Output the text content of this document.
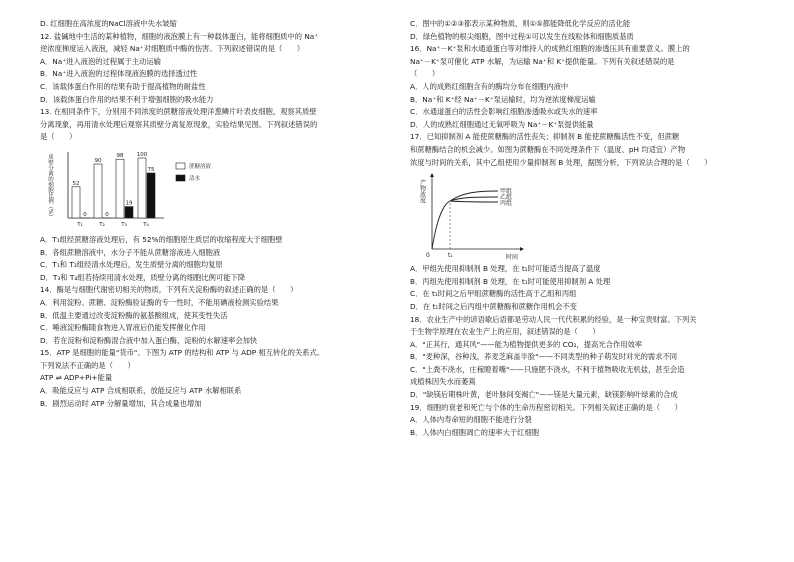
D. 红细胞在高浓度的NaCl溶液中失水皱缩
12. 盐碱地中生活的某种植物，细胞的液泡膜上有一种载体蛋白，能将细胞质中的 Na⁺
逆浓度梯度运入液泡，减轻 Na⁺对细胞质中酶的伤害。下列叙述错误的是（　　）
A．Na⁺进入液泡的过程属于主动运输
B．Na⁺进入液泡的过程体现液泡膜的选择透过性
C．该载体蛋白作用的结果有助于提高植物的耐盐性
D．该载体蛋白作用的结果不利于增强细胞的吸水能力
13. 在相同条件下，分别用不同浓度的蔗糖溶液处理洋葱鳞片叶表皮细胞，观察其质壁
分离现象，再用清水处理后观察其质壁分离复原现象，实验结果见图。下列叙述错误的
是（　　）
质壁分离的细胞比例（%）	52
0
T₁
90
0
T₂
98
19
T₃
100
75
T₄
蔗糖溶液
清水
A．T₁组经蔗糖溶液处理后，有 52%的细胞原生质层的收缩程度大于细胞壁
B．各组蔗糖溶液中，水分子不能从蔗糖溶液进入细胞液
C．T₁和 T₂组经清水处理后，发生质壁分离的细胞均复原
D．T₃和 T₄组若持续用清水处理，质壁分离的细胞比例可能下降
14．酶是与细胞代谢密切相关的物质，下列有关淀粉酶的叙述正确的是（　　）
A．利用淀粉、蔗糖、淀粉酶验证酶的专一性时，不能用碘液检测实验结果
B．低温主要通过改变淀粉酶的氨基酸组成，使其变性失活
C．唾液淀粉酶随食物进入胃液后仍能发挥催化作用
D．若在淀粉和淀粉酶混合液中加入蛋白酶，淀粉的水解速率会加快
15．ATP 是细胞的能量"货币"。下图为 ATP 的结构和 ATP 与 ADP 相互转化的关系式。
下列说法不正确的是（　　）
ATP ⇌ ADP+Pi+能量
A．吸能反应与 ATP 合成相联系，放能反应与 ATP 水解相联系
B．剧烈运动时 ATP 分解量增加，其合成量也增加
C．图中的①②③都表示某种物质，则①⑤都能降低化学反应的活化能
D．绿色植物的根尖细胞，图中过程①可以发生在线粒体和细胞质基质
16．Na⁺－K⁺泵和水通道蛋白等对维持人的成熟红细胞的渗透压具有重要意义。膜上的
Na⁺－K⁺泵可催化 ATP 水解，为运输 Na⁺和 K⁺提供能量。下列有关叙述错误的是
（　　）
A．人的成熟红细胞含有的酶均分布在细胞内液中
B．Na⁺和 K⁺经 Na⁺－K⁺泵运输时，均为逆浓度梯度运输
C．水通道蛋白的活性会影响红细胞渗透吸水或失水的速率
D．人的成熟红细胞通过无氧呼吸为 Na⁺－K⁺泵提供能量
17．已知抑制剂 A 能使蔗糖酶的活性丧失；抑制剂 B 能使蔗糖酶活性不变，但蔗糖
和蔗糖酶结合的机会减少。如图为蔗糖酶在不同处理条件下（温度、pH 均适宜）产物
浓度与时间的关系，其中乙组使用少量抑制剂 B 处理，据图分析，下列说法合理的是（　　）
产物浓度
0	t₁	时间
甲组
乙组
丙组
A．甲组先使用抑制剂 B 处理，在 t₁时可能适当提高了温度
B．丙组先使用抑制剂 B 处理，在 t₁时可能使用抑制剂 A 处理
C．在 t₁时间之后甲组蔗糖酶的活性高于乙组和丙组
D．在 t₁时间之后丙组中蔗糖酶和蔗糖作用机会不变
18．农业生产中的谚语歇后语都是劳动人民一代代积累的经验，是一种宝贵财富。下列关
于生物学原理在农业生产上的应用，叙述错误的是（　　）
A．"正其行，通其风"——能为植物提供更多的 CO₂，提高光合作用效率
B．"麦种深，谷种浅，荞麦芝麻盖半脸"——不同类型的种子萌发时对光的需求不同
C．"上粪不浇水，庄稼瞪着嘴"——只施肥不浇水，不利于植物吸收无机盐，甚至会造
成植株因失水而萎蔫
D．"缺镁后期株叶黄，老叶脉间变褐亡"——镁是大量元素，缺镁影响叶绿素的合成
19．细胞的衰老和死亡与个体的生命历程密切相关。下列相关叙述正确的是（　　）
A．人体内寿命短的细胞不能进行分裂
B．人体内白细胞凋亡的速率大于红细胞
